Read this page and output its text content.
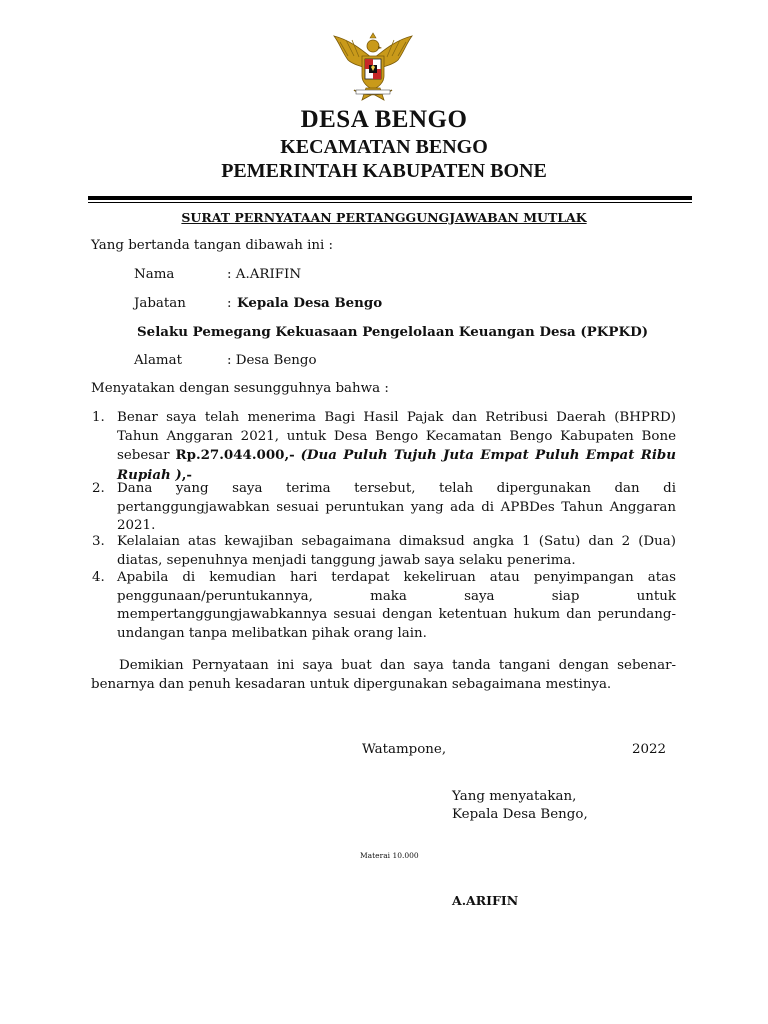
DESA BENGO
KECAMATAN BENGO
PEMERINTAH KABUPATEN BONE
SURAT PERNYATAAN PERTANGGUNGJAWABAN MUTLAK
Yang bertanda tangan dibawah ini :
Nama	: A.ARIFIN
Jabatan	: Kepala Desa Bengo
Selaku Pemegang Kekuasaan Pengelolaan Keuangan Desa (PKPKD)
Alamat	: Desa Bengo
Menyatakan dengan sesungguhnya bahwa :
1. Benar saya telah menerima Bagi Hasil Pajak dan Retribusi Daerah (BHPRD) Tahun Anggaran 2021, untuk Desa Bengo Kecamatan Bengo Kabupaten Bone sebesar Rp.27.044.000,- (Dua Puluh Tujuh Juta Empat Puluh Empat Ribu Rupiah ),-
2. Dana yang saya terima tersebut, telah dipergunakan dan di pertanggungjawabkan sesuai peruntukan yang ada di APBDes Tahun Anggaran 2021.
3. Kelalaian atas kewajiban sebagaimana dimaksud angka 1 (Satu) dan 2 (Dua) diatas, sepenuhnya menjadi tanggung jawab saya selaku penerima.
4. Apabila di kemudian hari terdapat kekeliruan atau penyimpangan atas penggunaan/peruntukannya, maka saya siap untuk mempertanggungjawabkannya sesuai dengan ketentuan hukum dan perundang-undangan tanpa melibatkan pihak orang lain.
Demikian Pernyataan ini saya buat dan saya tanda tangani dengan sebenar-benarnya dan penuh kesadaran untuk dipergunakan sebagaimana mestinya.
Watampone,	2022
Yang menyatakan,
Kepala Desa Bengo,
Materai 10.000
A.ARIFIN
